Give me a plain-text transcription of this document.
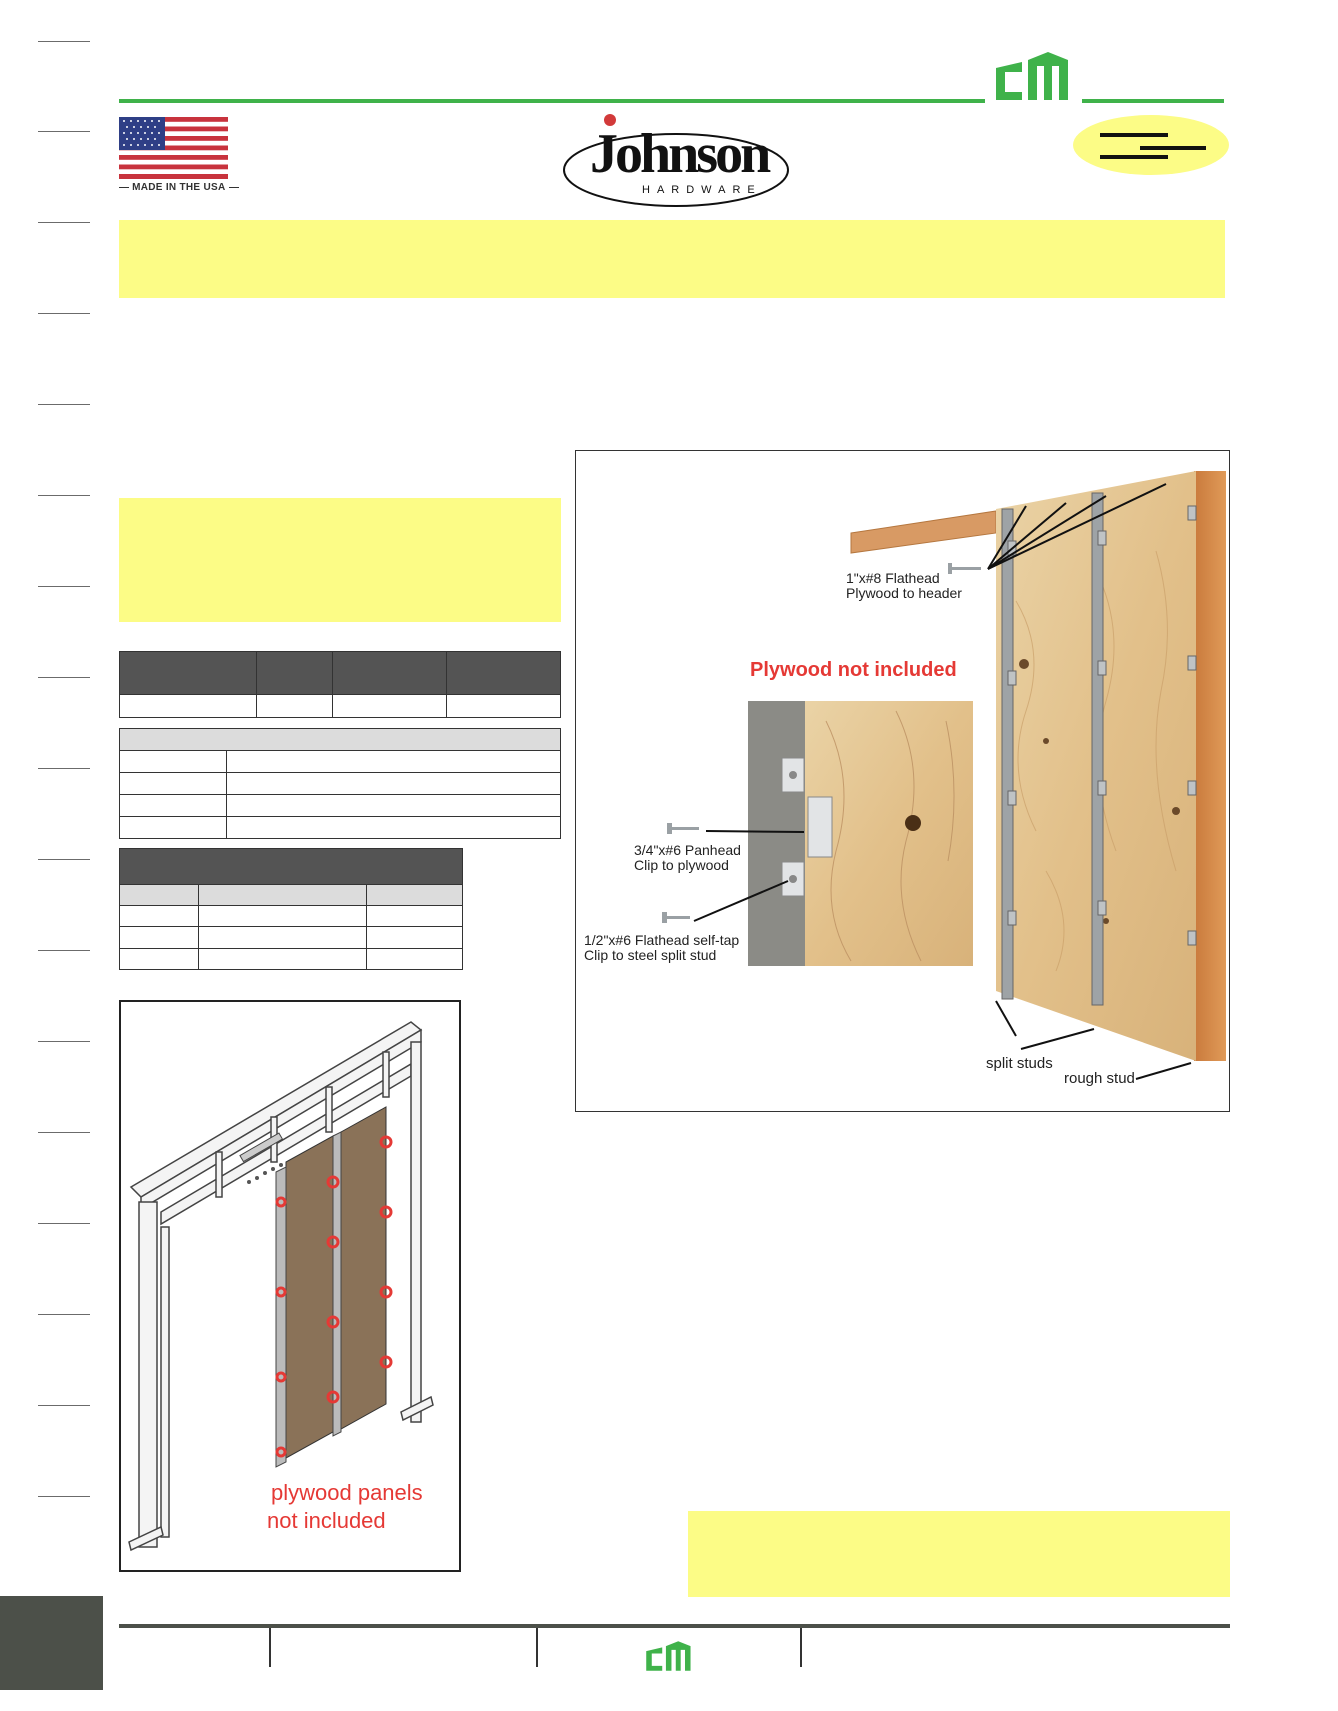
MADE IN THE USA
Johnson
HARDWARE

plywood panels
not included
1"x#8 Flathead
Plywood to header
Plywood not included
3/4"x#6 Panhead
Clip to plywood
1/2"x#6 Flathead self-tap
Clip to steel split stud
split studs
rough stud
